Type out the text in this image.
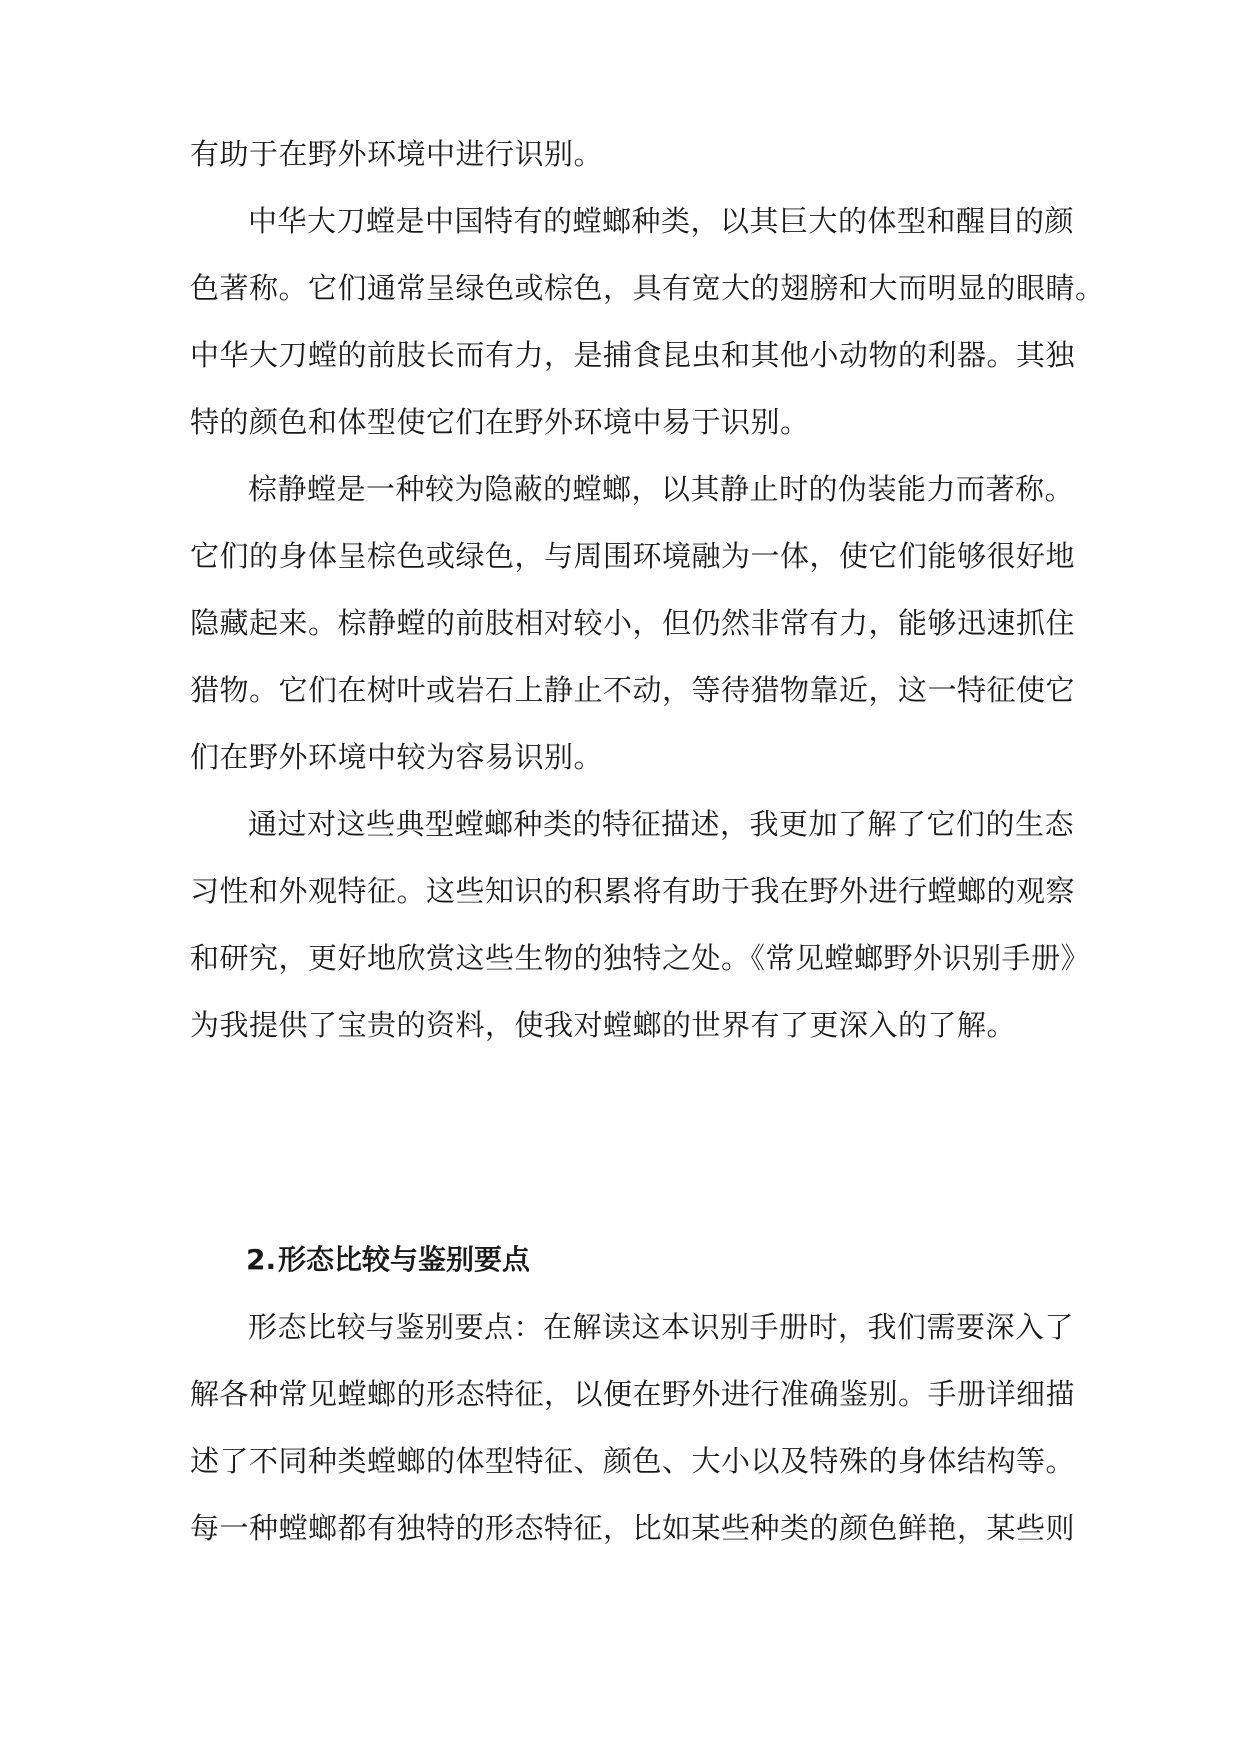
有助于在野外环境中进行识别。
中华大刀螳是中国特有的螳螂种类，以其巨大的体型和醒目的颜
色著称。它们通常呈绿色或棕色，具有宽大的翅膀和大而明显的眼睛。
中华大刀螳的前肢长而有力，是捕食昆虫和其他小动物的利器。其独
特的颜色和体型使它们在野外环境中易于识别。
棕静螳是一种较为隐蔽的螳螂，以其静止时的伪装能力而著称。
它们的身体呈棕色或绿色，与周围环境融为一体，使它们能够很好地
隐藏起来。棕静螳的前肢相对较小，但仍然非常有力，能够迅速抓住
猎物。它们在树叶或岩石上静止不动，等待猎物靠近，这一特征使它
们在野外环境中较为容易识别。
通过对这些典型螳螂种类的特征描述，我更加了解了它们的生态
习性和外观特征。这些知识的积累将有助于我在野外进行螳螂的观察
和研究，更好地欣赏这些生物的独特之处。《常见螳螂野外识别手册》
为我提供了宝贵的资料，使我对螳螂的世界有了更深入的了解。
2.形态比较与鉴别要点
形态比较与鉴别要点：在解读这本识别手册时，我们需要深入了
解各种常见螳螂的形态特征，以便在野外进行准确鉴别。手册详细描
述了不同种类螳螂的体型特征、颜色、大小以及特殊的身体结构等。
每一种螳螂都有独特的形态特征，比如某些种类的颜色鲜艳，某些则
